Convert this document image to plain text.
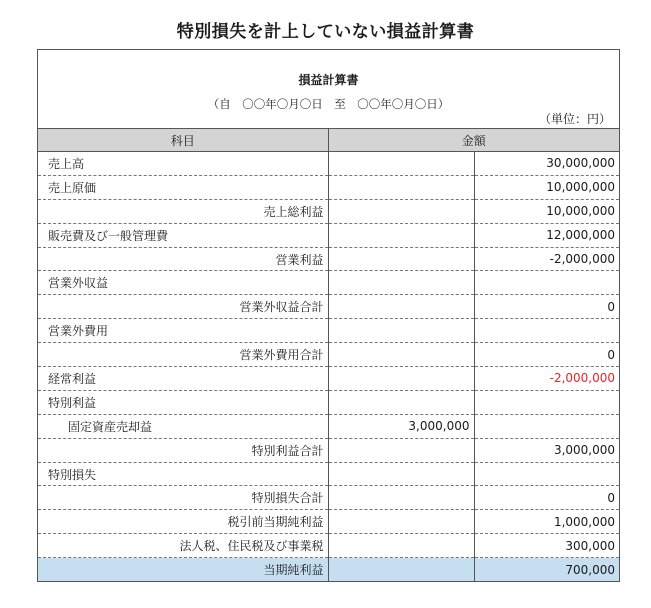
特別損失を計上していない損益計算書
損益計算書
（自　〇〇年〇月〇日　至　〇〇年〇月〇日）
（単位：円）
科目	金額	
売上高		30,000,000
売上原価		10,000,000
売上総利益		10,000,000
販売費及び一般管理費		12,000,000
営業利益		-2,000,000
営業外収益		
営業外収益合計		0
営業外費用		
営業外費用合計		0
経常利益		-2,000,000
特別利益		
固定資産売却益	3,000,000	
特別利益合計		3,000,000
特別損失		
特別損失合計		0
税引前当期純利益		1,000,000
法人税、住民税及び事業税		300,000
当期純利益		700,000
